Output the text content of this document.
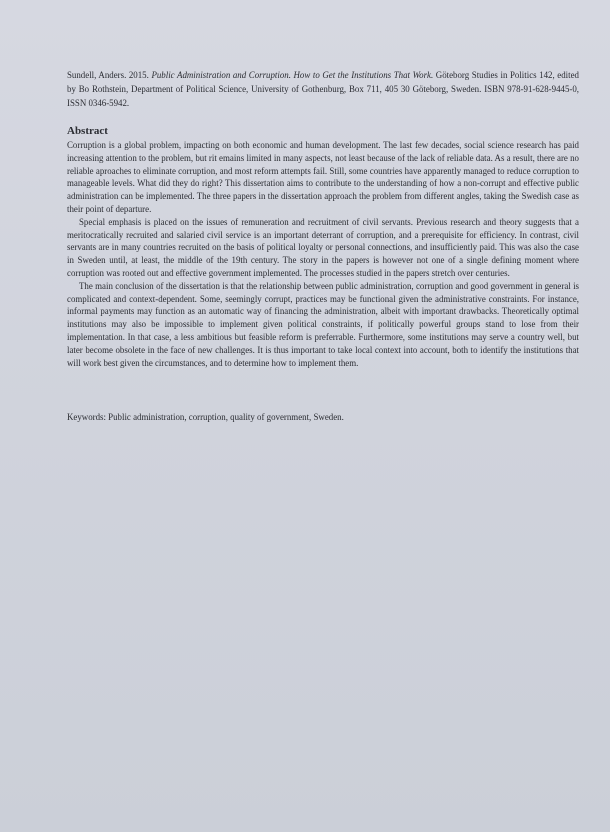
Sundell, Anders. 2015. Public Administration and Corruption. How to Get the Institutions That Work. Göteborg Studies in Politics 142, edited by Bo Rothstein, Department of Political Science, University of Gothenburg, Box 711, 405 30 Göteborg, Sweden. ISBN 978-91-628-9445-0, ISSN 0346-5942.
Abstract

Corruption is a global problem, impacting on both economic and human development. The last few decades, social science research has paid increasing attention to the problem, but rit emains limited in many aspects, not least because of the lack of reliable data. As a result, there are no reliable aproaches to eliminate corruption, and most reform attempts fail. Still, some countries have apparently managed to reduce corruption to manageable levels. What did they do right? This dissertation aims to contribute to the understanding of how a non-corrupt and effective public administration can be implemented. The three papers in the dissertation approach the problem from different angles, taking the Swedish case as their point of departure.

Special emphasis is placed on the issues of remuneration and recruitment of civil servants. Previous research and theory suggests that a meritocratically recruited and salaried civil service is an important deterrant of corruption, and a prerequisite for efficiency. In contrast, civil servants are in many countries recruited on the basis of political loyalty or personal connections, and insufficiently paid. This was also the case in Sweden until, at least, the middle of the 19th century. The story in the papers is however not one of a single defining moment where corruption was rooted out and effective government implemented. The processes studied in the papers stretch over centuries.

The main conclusion of the dissertation is that the relationship between public administration, corruption and good government in general is complicated and context-dependent. Some, seemingly corrupt, practices may be functional given the administrative constraints. For instance, informal payments may function as an automatic way of financing the administration, albeit with important drawbacks. Theoretically optimal institutions may also be impossible to implement given political constraints, if politically powerful groups stand to lose from their implementation. In that case, a less ambitious but feasible reform is preferrable. Furthermore, some institutions may serve a country well, but later become obsolete in the face of new challenges. It is thus important to take local context into account, both to identify the institutions that will work best given the circumstances, and to determine how to implement them.

Keywords: Public administration, corruption, quality of government, Sweden.
